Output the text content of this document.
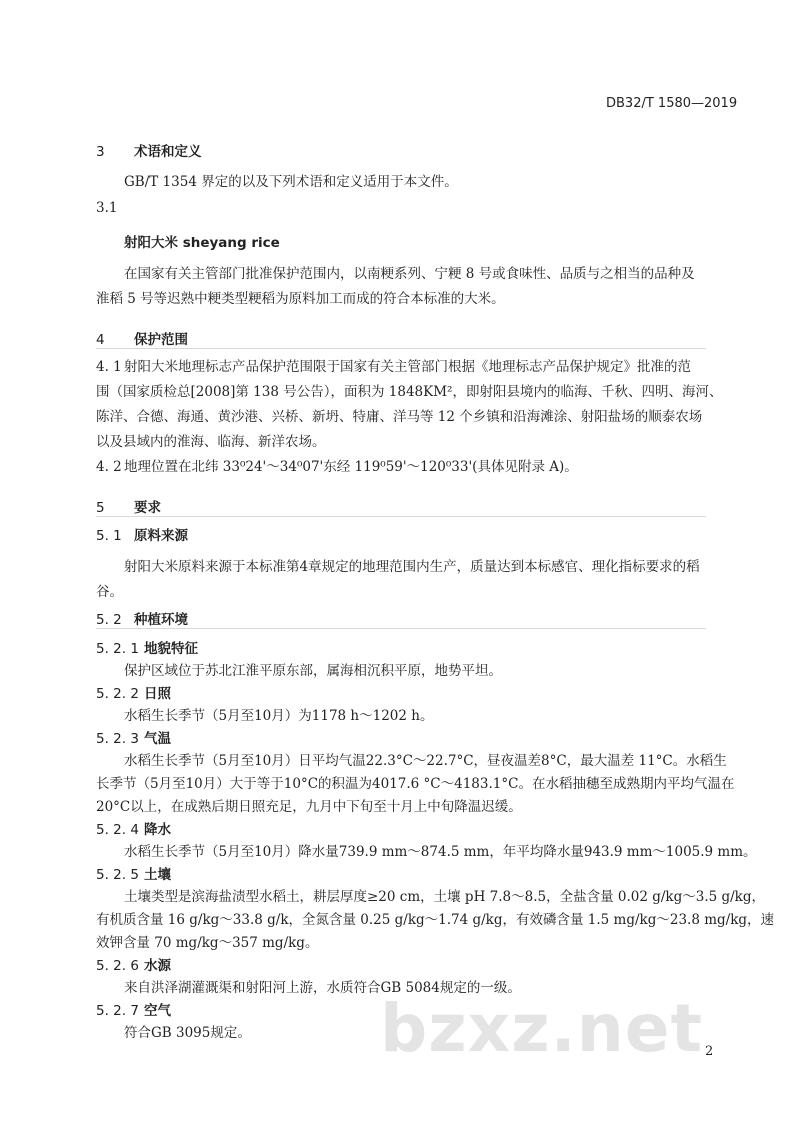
DB32/T 1580—2019
3 术语和定义
GB/T 1354 界定的以及下列术语和定义适用于本文件。
3.1
射阳大米 sheyang rice
在国家有关主管部门批准保护范围内，以南粳系列、宁粳 8 号或食味性、品质与之相当的品种及
淮稻 5 号等迟熟中粳类型粳稻为原料加工而成的符合本标准的大米。
4 保护范围
4. 1 射阳大米地理标志产品保护范围限于国家有关主管部门根据《地理标志产品保护规定》批准的范
围（国家质检总[2008]第 138 号公告），面积为 1848KM²，即射阳县境内的临海、千秋、四明、海河、
陈洋、合德、海通、黄沙港、兴桥、新坍、特庸、洋马等 12 个乡镇和沿海滩涂、射阳盐场的顺泰农场
以及县域内的淮海、临海、新洋农场。
4. 2 地理位置在北纬 33⁰24'～34⁰07'东经 119⁰59'～120⁰33'(具体见附录 A)。
5 要求
5. 1 原料来源
射阳大米原料来源于本标准第4章规定的地理范围内生产，质量达到本标感官、理化指标要求的稻
谷。
5. 2 种植环境
5. 2. 1 地貌特征
保护区域位于苏北江淮平原东部，属海相沉积平原，地势平坦。
5. 2. 2 日照
水稻生长季节（5月至10月）为1178 h～1202 h。
5. 2. 3 气温
水稻生长季节（5月至10月）日平均气温22.3°C～22.7°C，昼夜温差8°C，最大温差 11°C。水稻生
长季节（5月至10月）大于等于10°C的积温为4017.6 °C～4183.1°C。在水稻抽穗至成熟期内平均气温在
20°C以上，在成熟后期日照充足，九月中下旬至十月上中旬降温迟缓。
5. 2. 4 降水
水稻生长季节（5月至10月）降水量739.9 mm～874.5 mm，年平均降水量943.9 mm～1005.9 mm。
5. 2. 5 土壤
土壤类型是滨海盐渍型水稻土，耕层厚度≥20 cm，土壤 pH 7.8～8.5，全盐含量 0.02 g/kg～3.5 g/kg，
有机质含量 16 g/kg～33.8 g/k，全氮含量 0.25 g/kg～1.74 g/kg，有效磷含量 1.5 mg/kg～23.8 mg/kg，速
效钾含量 70 mg/kg～357 mg/kg。
5. 2. 6 水源
来自洪泽湖灌溉渠和射阳河上游，水质符合GB 5084规定的一级。
5. 2. 7 空气
符合GB 3095规定。 bzxz.net 2
